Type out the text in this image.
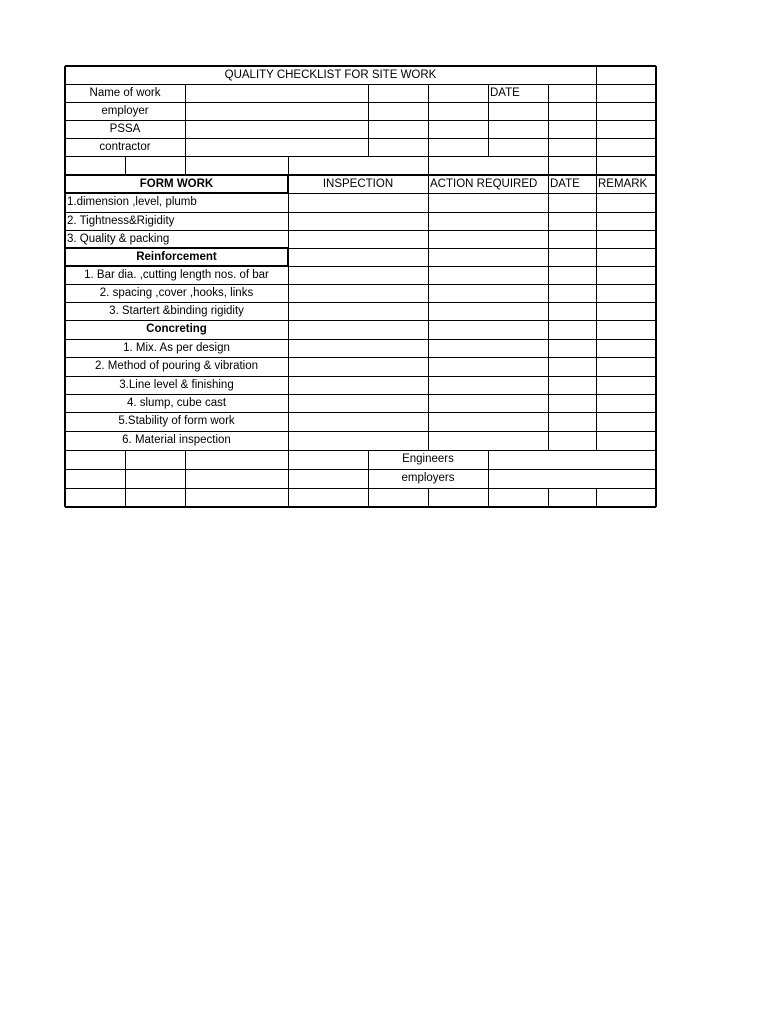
QUALITY CHECKLIST FOR SITE WORK
Name of work	DATE
employer
PSSA
contractor
FORM WORK	INSPECTION	ACTION REQUIRED	DATE	REMARK
1.dimension ,level, plumb
2. Tightness&Rigidity
3. Quality & packing
Reinforcement
1. Bar dia. ,cutting length nos. of bar
2. spacing ,cover ,hooks, links
3. Startert &binding rigidity
Concreting
1. Mix. As per design
2. Method of pouring & vibration
3.Line level & finishing
4. slump, cube cast
5.Stability of form work
6. Material inspection
Engineers
employers
